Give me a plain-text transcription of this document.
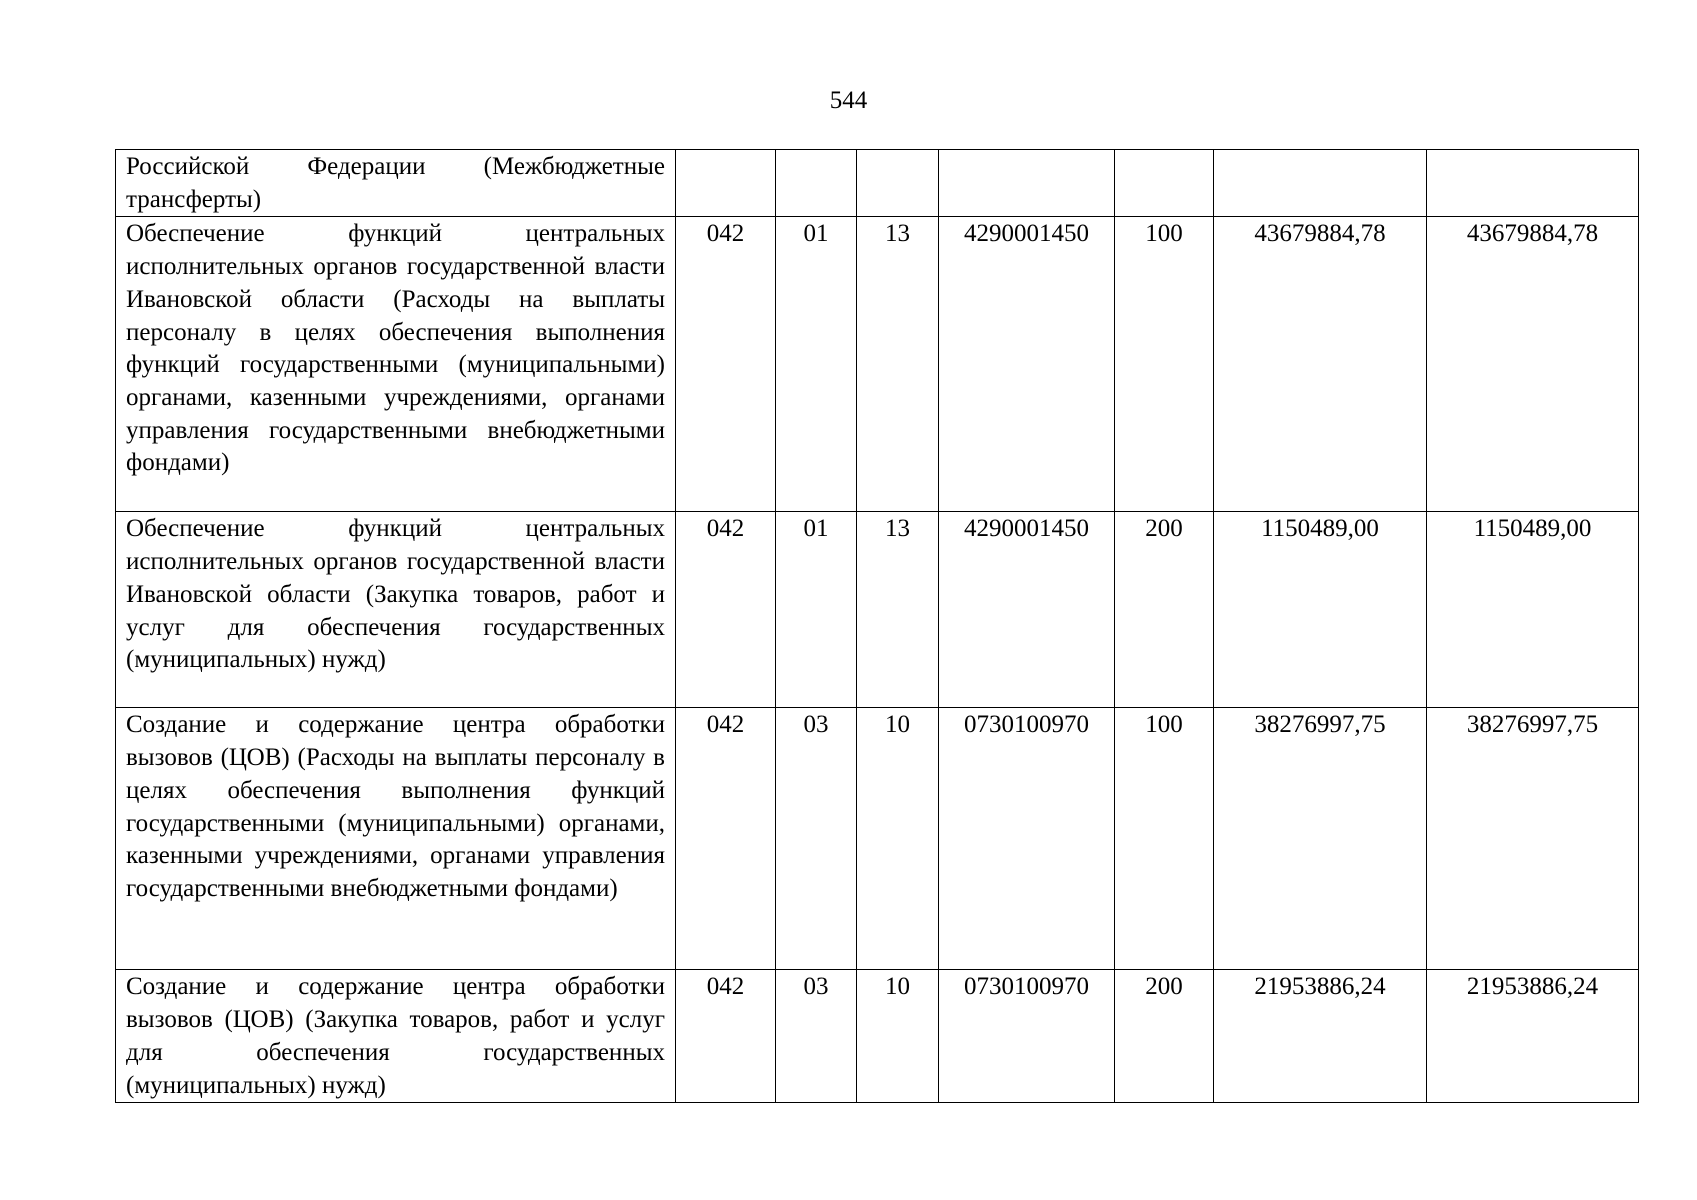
544
Российской Федерации (Межбюджетные трансферты)							
Обеспечение функций центральных исполнительных органов государственной власти Ивановской области (Расходы на выплаты персоналу в целях обеспечения выполнения функций государственными (муниципальными) органами, казенными учреждениями, органами управления государственными внебюджетными фондами)	042	01	13	4290001450	100	43679884,78	43679884,78
Обеспечение функций центральных исполнительных органов государственной власти Ивановской области (Закупка товаров, работ и услуг для обеспечения государственных (муниципальных) нужд)	042	01	13	4290001450	200	1150489,00	1150489,00
Создание и содержание центра обработки вызовов (ЦОВ) (Расходы на выплаты персоналу в целях обеспечения выполнения функций государственными (муниципальными) органами, казенными учреждениями, органами управления государственными внебюджетными фондами)	042	03	10	0730100970	100	38276997,75	38276997,75
Создание и содержание центра обработки вызовов (ЦОВ) (Закупка товаров, работ и услуг для обеспечения государственных (муниципальных) нужд)	042	03	10	0730100970	200	21953886,24	21953886,24
